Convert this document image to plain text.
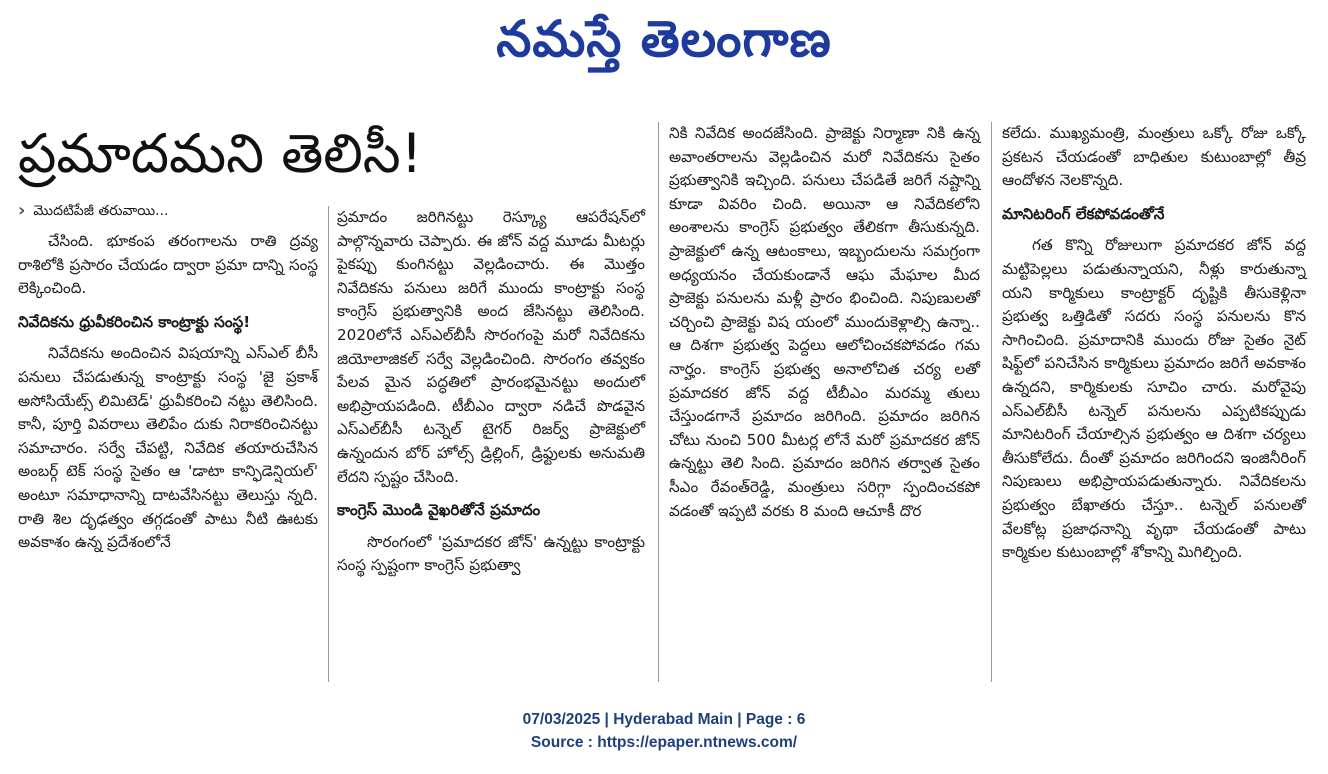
నమస్తే తెలంగాణ
ప్రమాదమని తెలిసీ!
› మొదటిపేజీ తరువాయి...

చేసింది. భూకంప తరంగాలను రాతి ద్రవ్య రాశిలోకి ప్రసారం చేయడం ద్వారా ప్రమా దాన్ని సంస్థ లెక్కించింది.

నివేదికను ధ్రువీకరించిన కాంట్రాక్టు సంస్థ!

నివేదికను అందించిన విషయాన్ని ఎస్ఎల్ బీసీ పనులు చేపడుతున్న కాంట్రాక్టు సంస్థ 'జై ప్రకాశ్ అసోసియేట్స్ లిమిటెడ్' ధ్రువీకరించి నట్టు తెలిసింది. కానీ, పూర్తి వివరాలు తెలిపేం దుకు నిరాకరించినట్టు సమాచారం. సర్వే చేపట్టి, నివేదిక తయారుచేసిన అంబర్గ్ టెక్ సంస్థ సైతం ఆ 'డాటా కాన్ఫిడెన్షియల్' అంటూ సమాధానాన్ని దాటవేసినట్టు తెలుస్తు న్నది. రాతి శిల దృఢత్వం తగ్గడంతో పాటు నీటి ఊటకు అవకాశం ఉన్న ప్రదేశంలోనే

ప్రమాదం జరిగినట్టు రెస్క్యూ ఆపరేషన్‌లో పాల్గొన్నవారు చెప్పారు. ఈ జోన్ వద్ద మూడు మీటర్లు పైకప్పు కుంగినట్టు వెల్లడించారు. ఈ మొత్తం నివేదికను పనులు జరిగే ముందు కాంట్రాక్టు సంస్థ కాంగ్రెస్ ప్రభుత్వానికి అంద జేసినట్టు తెలిసింది. 2020లోనే ఎస్ఎల్‌బీసీ సొరంగంపై మరో నివేదికను జియోలాజికల్ సర్వే వెల్లడించింది. సొరంగం తవ్వకం పేలవ మైన పద్ధతిలో ప్రారంభమైనట్టు అందులో అభిప్రాయపడింది. టీబీఎం ద్వారా నడిచే పొడవైన ఎస్ఎల్‌బీసీ టన్నెల్ టైగర్ రిజర్వ్ ప్రాజెక్టులో ఉన్నందున బోర్ హోల్స్ డ్రిల్లింగ్, డ్రిఫ్టులకు అనుమతి లేదని స్పష్టం చేసింది.

కాంగ్రెస్ మొండి వైఖరితోనే ప్రమాదం

సొరంగంలో 'ప్రమాదకర జోన్' ఉన్నట్టు కాంట్రాక్టు సంస్థ స్పష్టంగా కాంగ్రెస్ ప్రభుత్వా

నికి నివేదిక అందజేసింది. ప్రాజెక్టు నిర్మాణా నికి ఉన్న అవాంతరాలను వెల్లడించిన మరో నివేదికను సైతం ప్రభుత్వానికి ఇచ్చింది. పనులు చేపడితే జరిగే నష్టాన్ని కూడా వివరిం చింది. అయినా ఆ నివేదికలోని అంశాలను కాంగ్రెస్ ప్రభుత్వం తేలికగా తీసుకున్నది. ప్రాజెక్టులో ఉన్న ఆటంకాలు, ఇబ్బందులను సమగ్రంగా అధ్యయనం చేయకుండానే ఆఘ మేఘాల మీద ప్రాజెక్టు పనులను మళ్లీ ప్రారం భించింది. నిపుణులతో చర్చించి ప్రాజెక్టు విష యంలో ముందుకెళ్లాల్సి ఉన్నా.. ఆ దిశగా ప్రభుత్వ పెద్దలు ఆలోచించకపోవడం గమ నార్హం. కాంగ్రెస్ ప్రభుత్వ అనాలోచిత చర్య లతో ప్రమాదకర జోన్ వద్ద టీబీఎం మరమ్మ తులు చేస్తుండగానే ప్రమాదం జరిగింది. ప్రమాదం జరిగిన చోటు నుంచి 500 మీటర్ల లోనే మరో ప్రమాదకర జోన్ ఉన్నట్టు తెలి సింది. ప్రమాదం జరిగిన తర్వాత సైతం సీఎం రేవంత్‌రెడ్డి, మంత్రులు సరిగ్గా స్పందించకపో వడంతో ఇప్పటి వరకు 8 మంది ఆచూకీ దొర

కలేదు. ముఖ్యమంత్రి, మంత్రులు ఒక్కో రోజు ఒక్కో ప్రకటన చేయడంతో బాధితుల కుటుంబాల్లో తీవ్ర ఆందోళన నెలకొన్నది.

మానిటరింగ్ లేకపోవడంతోనే

గత కొన్ని రోజులుగా ప్రమాదకర జోన్ వద్ద మట్టిపెల్లలు పడుతున్నాయని, నీళ్లు కారుతున్నా యని కార్మికులు కాంట్రాక్టర్ దృష్టికి తీసుకెళ్లినా ప్రభుత్వ ఒత్తిడితో సదరు సంస్థ పనులను కొన సాగించింది. ప్రమాదానికి ముందు రోజు సైతం నైట్ షిఫ్ట్‌లో పనిచేసిన కార్మికులు ప్రమాదం జరిగే అవకాశం ఉన్నదని, కార్మికులకు సూచిం చారు. మరోవైపు ఎస్ఎల్‌బీసీ టన్నెల్ పనులను ఎప్పటికప్పుడు మానిటరింగ్ చేయాల్సిన ప్రభుత్వం ఆ దిశగా చర్యలు తీసుకోలేదు. దీంతో ప్రమాదం జరిగిందని ఇంజినీరింగ్ నిపుణులు అభిప్రాయపడుతున్నారు. నివేదికలను ప్రభుత్వం బేఖాతరు చేస్తూ.. టన్నెల్ పనులతో వేలకోట్ల ప్రజాధనాన్ని వృథా చేయడంతో పాటు కార్మికుల కుటుంబాల్లో శోకాన్ని మిగిల్చింది.

07/03/2025 | Hyderabad Main | Page : 6
Source : https://epaper.ntnews.com/
